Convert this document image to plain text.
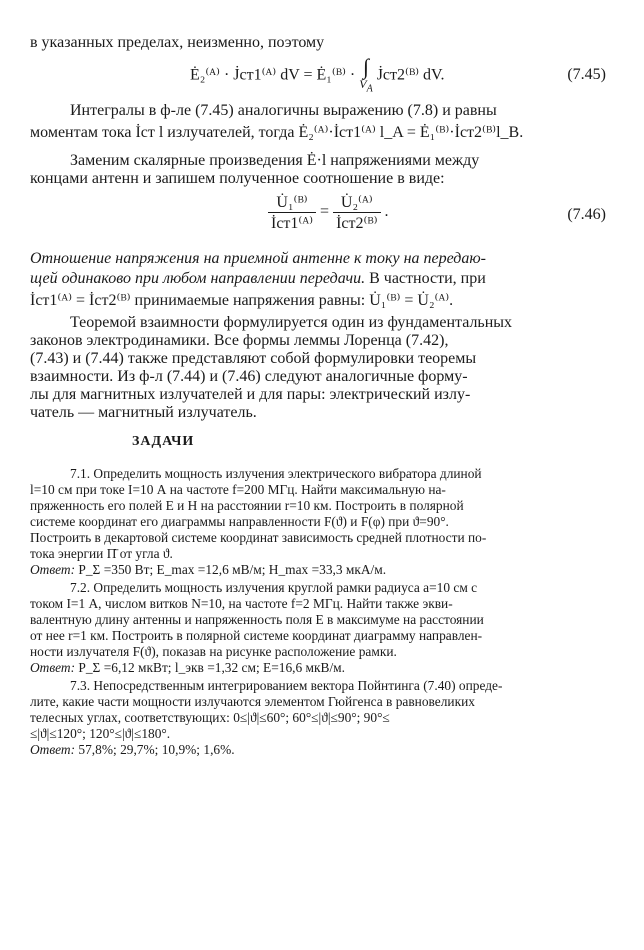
в указанных пределах, неизменно, поэтому
Ė₂⁽ᴬ⁾ · J̇ст1⁽ᴬ⁾ dV = Ė₁⁽ᴮ⁾ · ∫
$V_A$
J̇ст2⁽ᴮ⁾ dV.	(7.45)
Интегралы в ф-ле (7.45) аналогичны выражению (7.8) и равны
моментам тока İст l излучателей, тогда Ė₂⁽ᴬ⁾·İст1⁽ᴬ⁾ l_A = Ė₁⁽ᴮ⁾·İст2⁽ᴮ⁾l_B.
Заменим скалярные произведения Ė·l напряжениями между
концами антенн и запишем полученное соотношение в виде:
$\frac{\text{U̇₁⁽ᴮ⁾}}{\text{İст1⁽ᴬ⁾}} = \frac{\text{U̇₂⁽ᴬ⁾}}{\text{İст2⁽ᴮ⁾}}$ .	(7.46)
Отношение напряжения на приемной антенне к току на передаю-
щей одинаково при любом направлении передачи. В частности, при
İст1⁽ᴬ⁾ = İст2⁽ᴮ⁾ принимаемые напряжения равны: U̇₁⁽ᴮ⁾ = U̇₂⁽ᴬ⁾.
Теоремой взаимности формулируется один из фундаментальных
законов электродинамики. Все формы леммы Лоренца (7.42),
(7.43) и (7.44) также представляют собой формулировки теоремы
взаимности. Из ф-л (7.44) и (7.46) следуют аналогичные форму-
лы для магнитных излучателей и для пары: электрический излу-
чатель — магнитный излучатель.
ЗАДАЧИ
7.1. Определить мощность излучения электрического вибратора длиной
l=10 см при токе I=10 А на частоте f=200 МГц. Найти максимальную на-
пряженность его полей E и H на расстоянии r=10 км. Построить в полярной
системе координат его диаграммы направленности F(ϑ) и F(φ) при ϑ=90°.
Построить в декартовой системе координат зависимость средней плотности по-
тока энергии Π̄ от угла ϑ.
Ответ: P_Σ =350 Вт; E_max =12,6 мВ/м; H_max =33,3 мкА/м.
7.2. Определить мощность излучения круглой рамки радиуса a=10 см с
током I=1 А, числом витков N=10, на частоте f=2 МГц. Найти также экви-
валентную длину антенны и напряженность поля E в максимуме на расстоянии
от нее r=1 км. Построить в полярной системе координат диаграмму направлен-
ности излучателя F(ϑ), показав на рисунке расположение рамки.
Ответ: P_Σ =6,12 мкВт; l_экв =1,32 см; E=16,6 мкВ/м.
7.3. Непосредственным интегрированием вектора Пойнтинга (7.40) опреде-
лите, какие части мощности излучаются элементом Гюйгенса в равновеликих
телесных углах, соответствующих: 0≤|ϑ|≤60°; 60°≤|ϑ|≤90°; 90°≤
≤|ϑ|≤120°; 120°≤|ϑ|≤180°.
Ответ: 57,8%; 29,7%; 10,9%; 1,6%.
